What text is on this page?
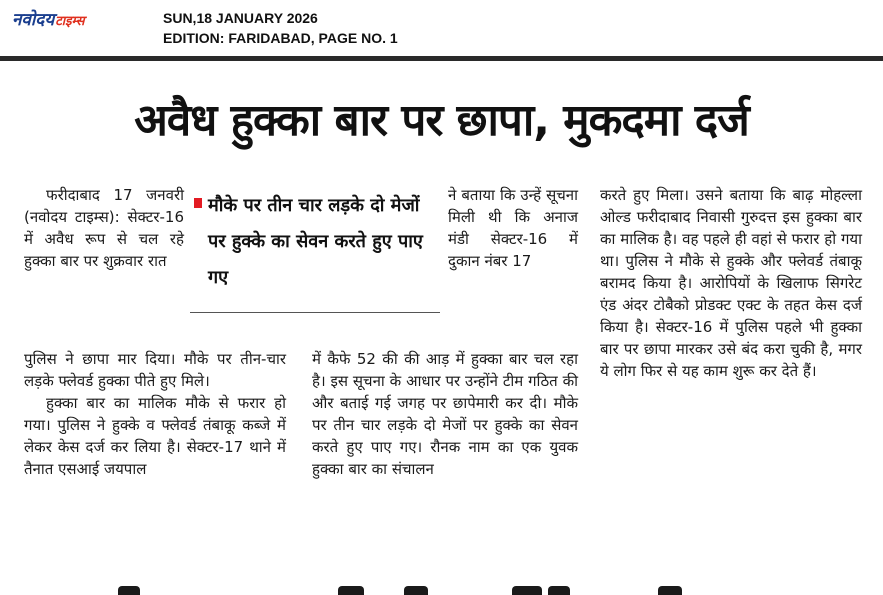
नवोदयटाइम्स	SUN,18 JANUARY 2026
EDITION: FARIDABAD, PAGE NO. 1
अवैध हुक्का बार पर छापा, मुकदमा दर्ज

फरीदाबाद 17 जनवरी (नवोदय टाइम्स): सेक्टर-16 में अवैध रूप से चल रहे हुक्का बार पर शुक्रवार रात

मौके पर तीन चार लड़के दो मेजों पर हुक्के का सेवन करते हुए पाए गए

ने बताया कि उन्हें सूचना मिली थी कि अनाज मंडी सेक्टर-16 में दुकान नंबर 17

पुलिस ने छापा मार दिया। मौके पर तीन-चार लड़के फ्लेवर्ड हुक्का पीते हुए मिले।

हुक्का बार का मालिक मौके से फरार हो गया। पुलिस ने हुक्के व फ्लेवर्ड तंबाकू कब्जे में लेकर केस दर्ज कर लिया है। सेक्टर-17 थाने में तैनात एसआई जयपाल

में कैफे 52 की की आड़ में हुक्का बार चल रहा है। इस सूचना के आधार पर उन्होंने टीम गठित की और बताई गई जगह पर छापेमारी कर दी। मौके पर तीन चार लड़के दो मेजों पर हुक्के का सेवन करते हुए पाए गए। रौनक नाम का एक युवक हुक्का बार का संचालन

करते हुए मिला। उसने बताया कि बाढ़ मोहल्ला ओल्ड फरीदाबाद निवासी गुरुदत्त इस हुक्का बार का मालिक है। वह पहले ही वहां से फरार हो गया था। पुलिस ने मौके से हुक्के और फ्लेवर्ड तंबाकू बरामद किया है। आरोपियों के खिलाफ सिगरेट एंड अंदर टोबैको प्रोडक्ट एक्ट के तहत केस दर्ज किया है। सेक्टर-16 में पुलिस पहले भी हुक्का बार पर छापा मारकर उसे बंद करा चुकी है, मगर ये लोग फिर से यह काम शुरू कर देते हैं।
